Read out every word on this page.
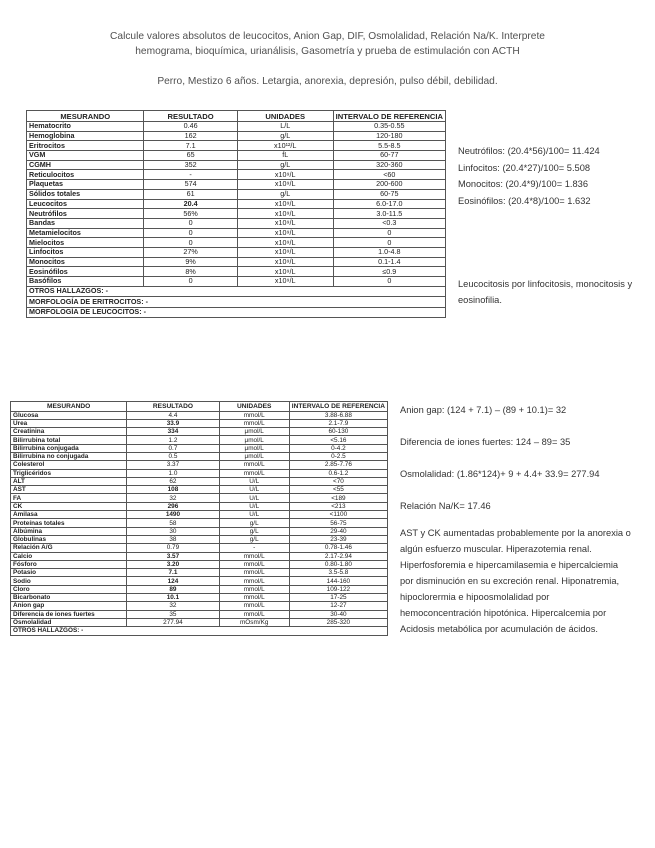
Calcule valores absolutos de leucocitos, Anion Gap, DIF, Osmolalidad, Relación Na/K. Interprete
hemograma, bioquímica, urianálisis, Gasometría y prueba de estimulación con ACTH
Perro, Mestizo 6 años. Letargia, anorexia, depresión, pulso débil, debilidad.
MESURANDO	RESULTADO	UNIDADES	INTERVALO DE REFERENCIA
Hematocrito	0.46	L/L	0.35-0.55
Hemoglobina	162	g/L	120-180
Eritrocitos	7.1	x10¹²/L	5.5-8.5
VGM	65	fL	60-77
CGMH	352	g/L	320-360
Reticulocitos	-	x10⁹/L	<60
Plaquetas	574	x10⁹/L	200-600
Sólidos totales	61	g/L	60-75
Leucocitos	20.4	x10⁹/L	6.0-17.0
Neutrófilos	56%	x10⁹/L	3.0-11.5
Bandas	0	x10⁹/L	<0.3
Metamielocitos	0	x10⁹/L	0
Mielocitos	0	x10⁹/L	0
Linfocitos	27%	x10⁹/L	1.0-4.8
Monocitos	9%	x10⁹/L	0.1-1.4
Eosinófilos	8%	x10⁹/L	≤0.9
Basófilos	0	x10⁹/L	0
OTROS HALLAZGOS: -			
MORFOLOGÍA DE ERITROCITOS: -			
MORFOLOGÍA DE LEUCOCITOS: -			
Neutrófilos: (20.4*56)/100= 11.424
Linfocitos: (20.4*27)/100= 5.508
Monocitos: (20.4*9)/100= 1.836
Eosinófilos: (20.4*8)/100= 1.632
Leucocitosis por linfocitosis, monocitosis y eosinofilia.
MESURANDO	RESULTADO	UNIDADES	INTERVALO DE REFERENCIA
Glucosa	4.4	mmol/L	3.88-6.88
Urea	33.9	mmol/L	2.1-7.9
Creatinina	334	μmol/L	60-130
Bilirrubina total	1.2	μmol/L	<5.16
Bilirrubina conjugada	0.7	μmol/L	0-4.2
Bilirrubina no conjugada	0.5	μmol/L	0-2.5
Colesterol	3.37	mmol/L	2.85-7.76
Triglicéridos	1.0	mmol/L	0.6-1.2
ALT	62	U/L	<70
AST	108	U/L	<55
FA	32	U/L	<189
CK	296	U/L	<213
Amilasa	1490	U/L	<1100
Proteínas totales	58	g/L	56-75
Albúmina	30	g/L	29-40
Globulinas	38	g/L	23-39
Relación A/G	0.79	-	0.78-1.46
Calcio	3.57	mmol/L	2.17-2.94
Fósforo	3.20	mmol/L	0.80-1.80
Potasio	7.1	mmol/L	3.5-5.8
Sodio	124	mmol/L	144-160
Cloro	89	mmol/L	109-122
Bicarbonato	10.1	mmol/L	17-25
Anion gap	32	mmol/L	12-27
Diferencia de iones fuertes	35	mmol/L	30-40
Osmolalidad	277.94	mOsm/Kg	285-320
OTROS HALLAZGOS: -			
Anion gap: (124 + 7.1) – (89 + 10.1)= 32
Diferencia de iones fuertes: 124 – 89= 35
Osmolalidad: (1.86*124)+ 9 + 4.4+ 33.9= 277.94
Relación Na/K= 17.46
AST y CK aumentadas probablemente por la anorexia o algún esfuerzo muscular. Hiperazotemia renal. Hiperfosforemia e hipercamilasemia e hipercalciemia por disminución en su excreción renal. Hiponatremia, hipoclorermia e hipoosmolalidad por hemoconcentración hipotónica. Hipercalcemia por Acidosis metabólica por acumulación de ácidos.
